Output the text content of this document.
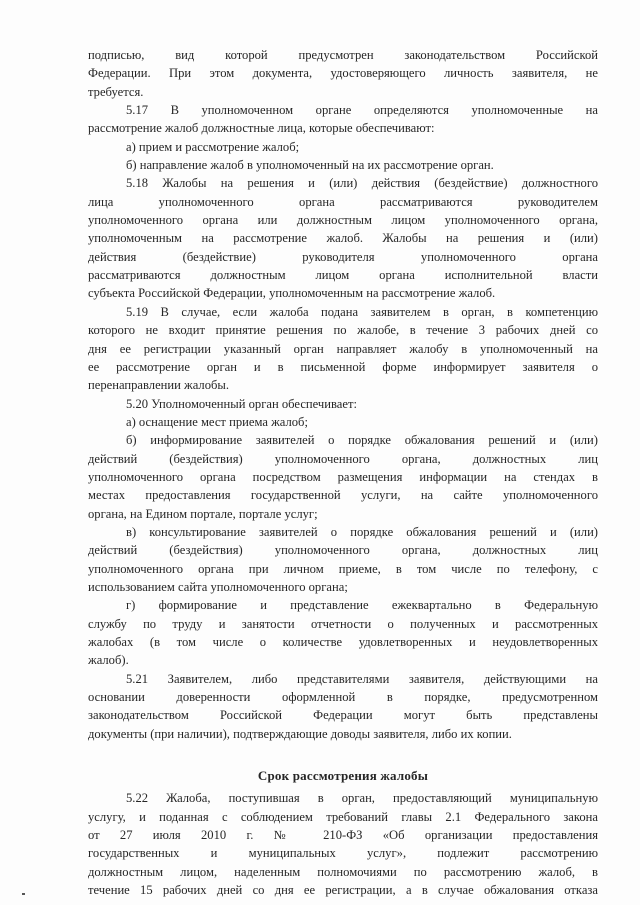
подписью, вид которой предусмотрен законодательством Российской
Федерации. При этом документа, удостоверяющего личность заявителя, не
требуется.
5.17 В уполномоченном органе определяются уполномоченные на
рассмотрение жалоб должностные лица, которые обеспечивают:
а) прием и рассмотрение жалоб;
б) направление жалоб в уполномоченный на их рассмотрение орган.
5.18 Жалобы на решения и (или) действия (бездействие) должностного
лица уполномоченного органа рассматриваются руководителем
уполномоченного органа или должностным лицом уполномоченного органа,
уполномоченным на рассмотрение жалоб. Жалобы на решения и (или)
действия (бездействие) руководителя уполномоченного органа
рассматриваются должностным лицом органа исполнительной власти
субъекта Российской Федерации, уполномоченным на рассмотрение жалоб.
5.19 В случае, если жалоба подана заявителем в орган, в компетенцию
которого не входит принятие решения по жалобе, в течение 3 рабочих дней со
дня ее регистрации указанный орган направляет жалобу в уполномоченный на
ее рассмотрение орган и в письменной форме информирует заявителя о
перенаправлении жалобы.
5.20 Уполномоченный орган обеспечивает:
а) оснащение мест приема жалоб;
б) информирование заявителей о порядке обжалования решений и (или)
действий (бездействия) уполномоченного органа, должностных лиц
уполномоченного органа посредством размещения информации на стендах в
местах предоставления государственной услуги, на сайте уполномоченного
органа, на Едином портале, портале услуг;
в) консультирование заявителей о порядке обжалования решений и (или)
действий (бездействия) уполномоченного органа, должностных лиц
уполномоченного органа при личном приеме, в том числе по телефону, с
использованием сайта уполномоченного органа;
г) формирование и представление ежеквартально в Федеральную
службу по труду и занятости отчетности о полученных и рассмотренных
жалобах (в том числе о количестве удовлетворенных и неудовлетворенных
жалоб).
5.21 Заявителем, либо представителями заявителя, действующими на
основании доверенности оформленной в порядке, предусмотренном
законодательством Российской Федерации могут быть представлены
документы (при наличии), подтверждающие доводы заявителя, либо их копии.
Срок рассмотрения жалобы
5.22 Жалоба, поступившая в орган, предоставляющий муниципальную
услугу, и поданная с соблюдением требований главы 2.1 Федерального закона
от 27 июля 2010 г. № 210-ФЗ «Об организации предоставления
государственных и муниципальных услуг», подлежит рассмотрению
должностным лицом, наделенным полномочиями по рассмотрению жалоб, в
течение 15 рабочих дней со дня ее регистрации, а в случае обжалования отказа
